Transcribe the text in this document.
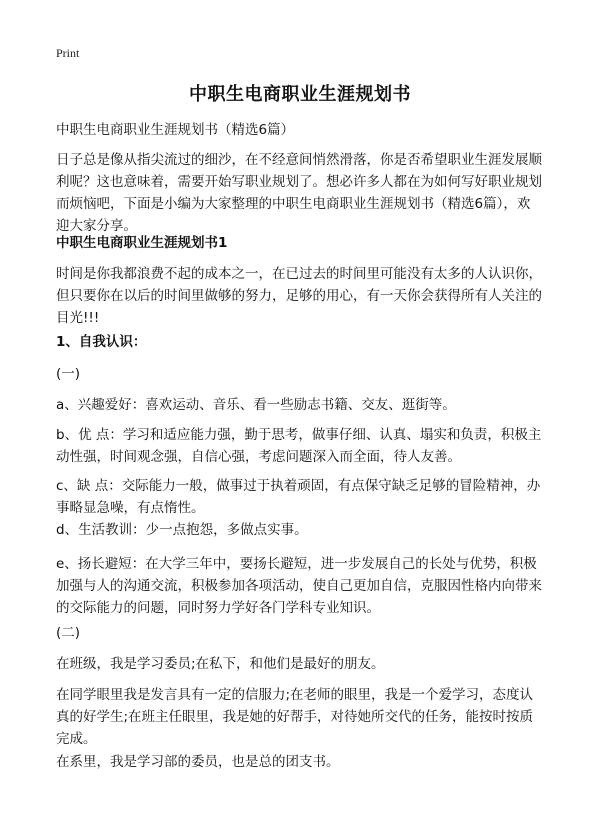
Print
中职生电商职业生涯规划书
中职生电商职业生涯规划书（精选6篇）
日子总是像从指尖流过的细沙，在不经意间悄然滑落，你是否希望职业生涯发展顺
利呢？这也意味着，需要开始写职业规划了。想必许多人都在为如何写好职业规划
而烦恼吧，下面是小编为大家整理的中职生电商职业生涯规划书（精选6篇），欢
迎大家分享。
中职生电商职业生涯规划书1
时间是你我都浪费不起的成本之一，在已过去的时间里可能没有太多的人认识你，
但只要你在以后的时间里做够的努力，足够的用心，有一天你会获得所有人关注的
目光!!!
1、自我认识：
(一)
a、兴趣爱好：喜欢运动、音乐、看一些励志书籍、交友、逛街等。
b、优 点：学习和适应能力强，勤于思考，做事仔细、认真、塌实和负责，积极主
动性强，时间观念强，自信心强，考虑问题深入而全面，待人友善。
c、缺 点：交际能力一般，做事过于执着顽固，有点保守缺乏足够的冒险精神，办
事略显急噪，有点惰性。
d、生活教训：少一点抱怨，多做点实事。
e、扬长避短：在大学三年中，要扬长避短，进一步发展自己的长处与优势，积极
加强与人的沟通交流，积极参加各项活动，使自己更加自信，克服因性格内向带来
的交际能力的问题，同时努力学好各门学科专业知识。
(二)
在班级，我是学习委员;在私下，和他们是最好的朋友。
在同学眼里我是发言具有一定的信服力;在老师的眼里，我是一个爱学习，态度认
真的好学生;在班主任眼里，我是她的好帮手，对待她所交代的任务，能按时按质
完成。
在系里，我是学习部的委员，也是总的团支书。
